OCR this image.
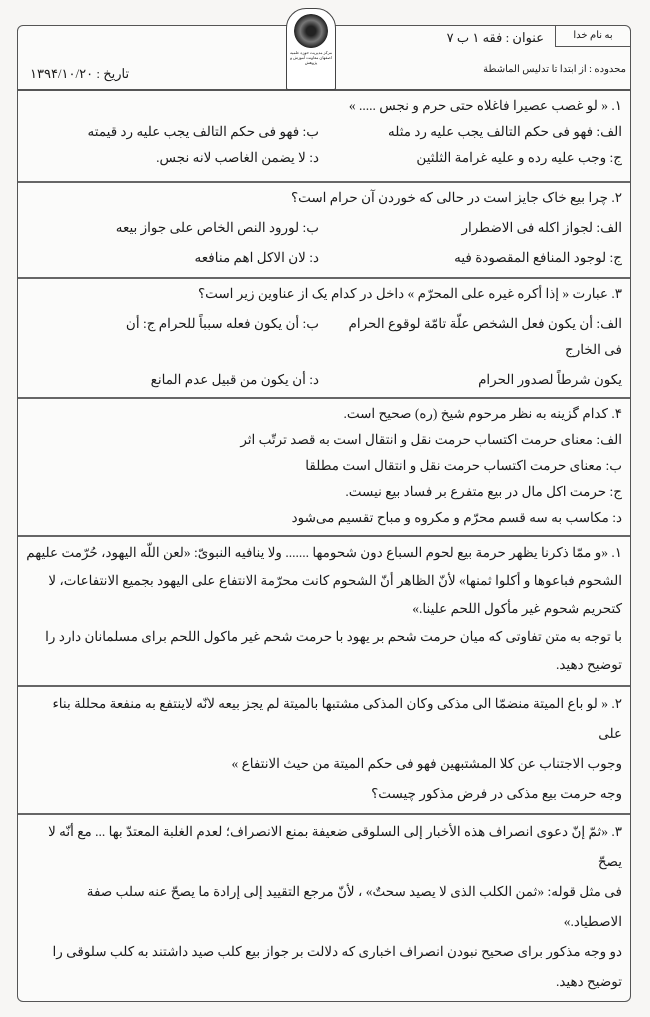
به نام خدا
عنوان : فقه ۱ ب ۷
محدوده : از ابتدا تا تدلیس الماشطة
تاریخ : ۱۳۹۴/۱۰/۲۰
مرکز مدیریت حوزه علمیه اصفهان معاونت آموزش و پژوهش

۱. « لو غصب عصیرا فاغلاه حتی حرم و نجس ..... »

الف: فهو فی حکم التالف یجب علیه رد مثله
ب: فهو فی حکم التالف یجب علیه رد قیمته
ج: وجب علیه رده و علیه غرامة الثلثین
د: لا یضمن الغاصب لانه نجس.

۲. چرا بیع خاک جایز است در حالی که خوردن آن حرام است؟

الف: لجواز اکله فی الاضطرار
ب: لورود النص الخاص علی جواز بیعه
ج: لوجود المنافع المقصودة فیه
د: لان الاکل اهم منافعه

۳. عبارت « إذا أکره غیره علی المحرّم » داخل در کدام یک از عناوین زیر است؟

الف: أن یکون فعل الشخص علّة تامّة لوقوع الحرام فی الخارج
ب: أن یکون فعله سبباً للحرام ج: أن
یکون شرطاً لصدور الحرام
د: أن یکون من قبیل عدم المانع

۴. کدام گزینه به نظر مرحوم شیخ (ره) صحیح است.

الف: معنای حرمت اکتساب حرمت نقل و انتقال است به قصد ترتّب اثر

ب: معنای حرمت اکتساب حرمت نقل و انتقال است مطلقا

ج: حرمت اکل مال در بیع متفرع بر فساد بیع نیست.

د: مکاسب به سه قسم محرّم و مکروه و مباح تقسیم می‌شود

۱. «و ممّا ذکرنا یظهر حرمة بیع لحوم السباع دون شحومها ....... ولا ینافیه النبویّ: «لعن اللّه الیهود، حُرّمت علیهم

الشحوم فباعوها و أکلوا ثمنها» لأنّ الظاهر أنّ الشحوم کانت محرّمة الانتفاع علی الیهود بجمیع الانتفاعات، لا

کتحریم شحوم غیر مأکول اللحم علینا.»

با توجه به متن تفاوتی که میان حرمت شحم بر یهود با حرمت شحم غیر ماکول اللحم برای مسلمانان دارد را

توضیح دهید.

۲. « لو باع المیتة منضمّا الی مذکی وکان المذکی مشتبها بالمیتة لم یجز بیعه لانّه لاینتفع به منفعة محللة بناء علی

وجوب الاجتناب عن کلا المشتبهین فهو فی حکم المیتة من حیث الانتفاع »

وجه حرمت بیع مذکی در فرض مذکور چیست؟

۳. «ثمّ إنّ دعوی انصراف هذه الأخبار إلی السلوقی ضعیفة بمنع الانصراف؛ لعدم الغلبة المعتدّ بها ... مع أنّه لا یصحّ

فی مثل قوله: «ثمن الکلب الذی لا یصید سحتٌ» ، لأنّ مرجع التقیید إلی إرادة ما یصحّ عنه سلب صفة الاصطیاد.»

دو وجه مذکور برای صحیح نبودن انصراف اخباری که دلالت بر جواز بیع کلب صید داشتند به کلب سلوقی را

توضیح دهید.
